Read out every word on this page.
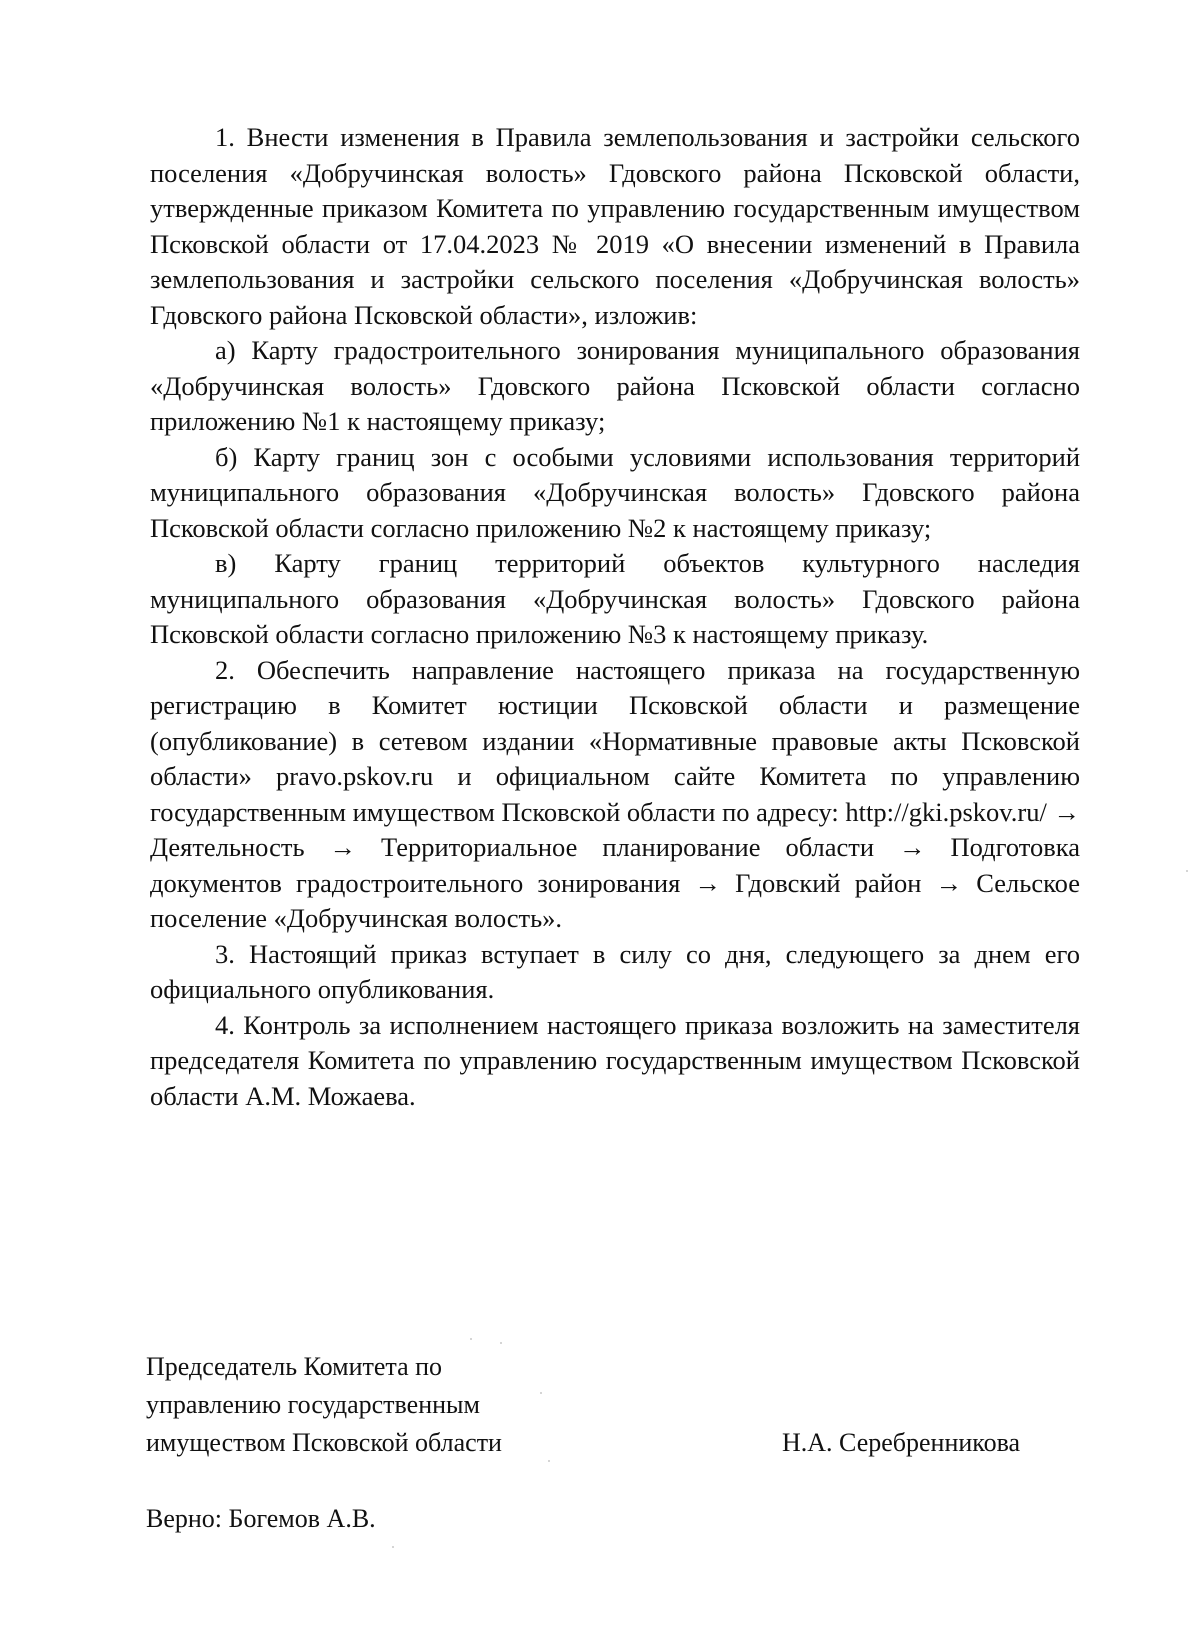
1. Внести изменения в Правила землепользования и застройки сельского поселения «Добручинская волость» Гдовского района Псковской области, утвержденные приказом Комитета по управлению государственным имуществом Псковской области от 17.04.2023 № 2019 «О внесении изменений в Правила землепользования и застройки сельского поселения «Добручинская волость» Гдовского района Псковской области», изложив:

а) Карту градостроительного зонирования муниципального образования «Добручинская волость» Гдовского района Псковской области согласно приложению №1 к настоящему приказу;

б) Карту границ зон с особыми условиями использования территорий муниципального образования «Добручинская волость» Гдовского района Псковской области согласно приложению №2 к настоящему приказу;

в) Карту границ территорий объектов культурного наследия муниципального образования «Добручинская волость» Гдовского района Псковской области согласно приложению №3 к настоящему приказу.

2. Обеспечить направление настоящего приказа на государственную регистрацию в Комитет юстиции Псковской области и размещение (опубликование) в сетевом издании «Нормативные правовые акты Псковской области» pravo.pskov.ru и официальном сайте Комитета по управлению государственным имуществом Псковской области по адресу: http://gki.pskov.ru/ → Деятельность → Территориальное планирование области → Подготовка документов градостроительного зонирования → Гдовский район → Сельское поселение «Добручинская волость».

3. Настоящий приказ вступает в силу со дня, следующего за днем его официального опубликования.

4. Контроль за исполнением настоящего приказа возложить на заместителя председателя Комитета по управлению государственным имуществом Псковской области А.М. Можаева.

Председатель Комитета по
управлению государственным
имуществом Псковской области	Н.А. Серебренникова
Верно: Богемов А.В.
